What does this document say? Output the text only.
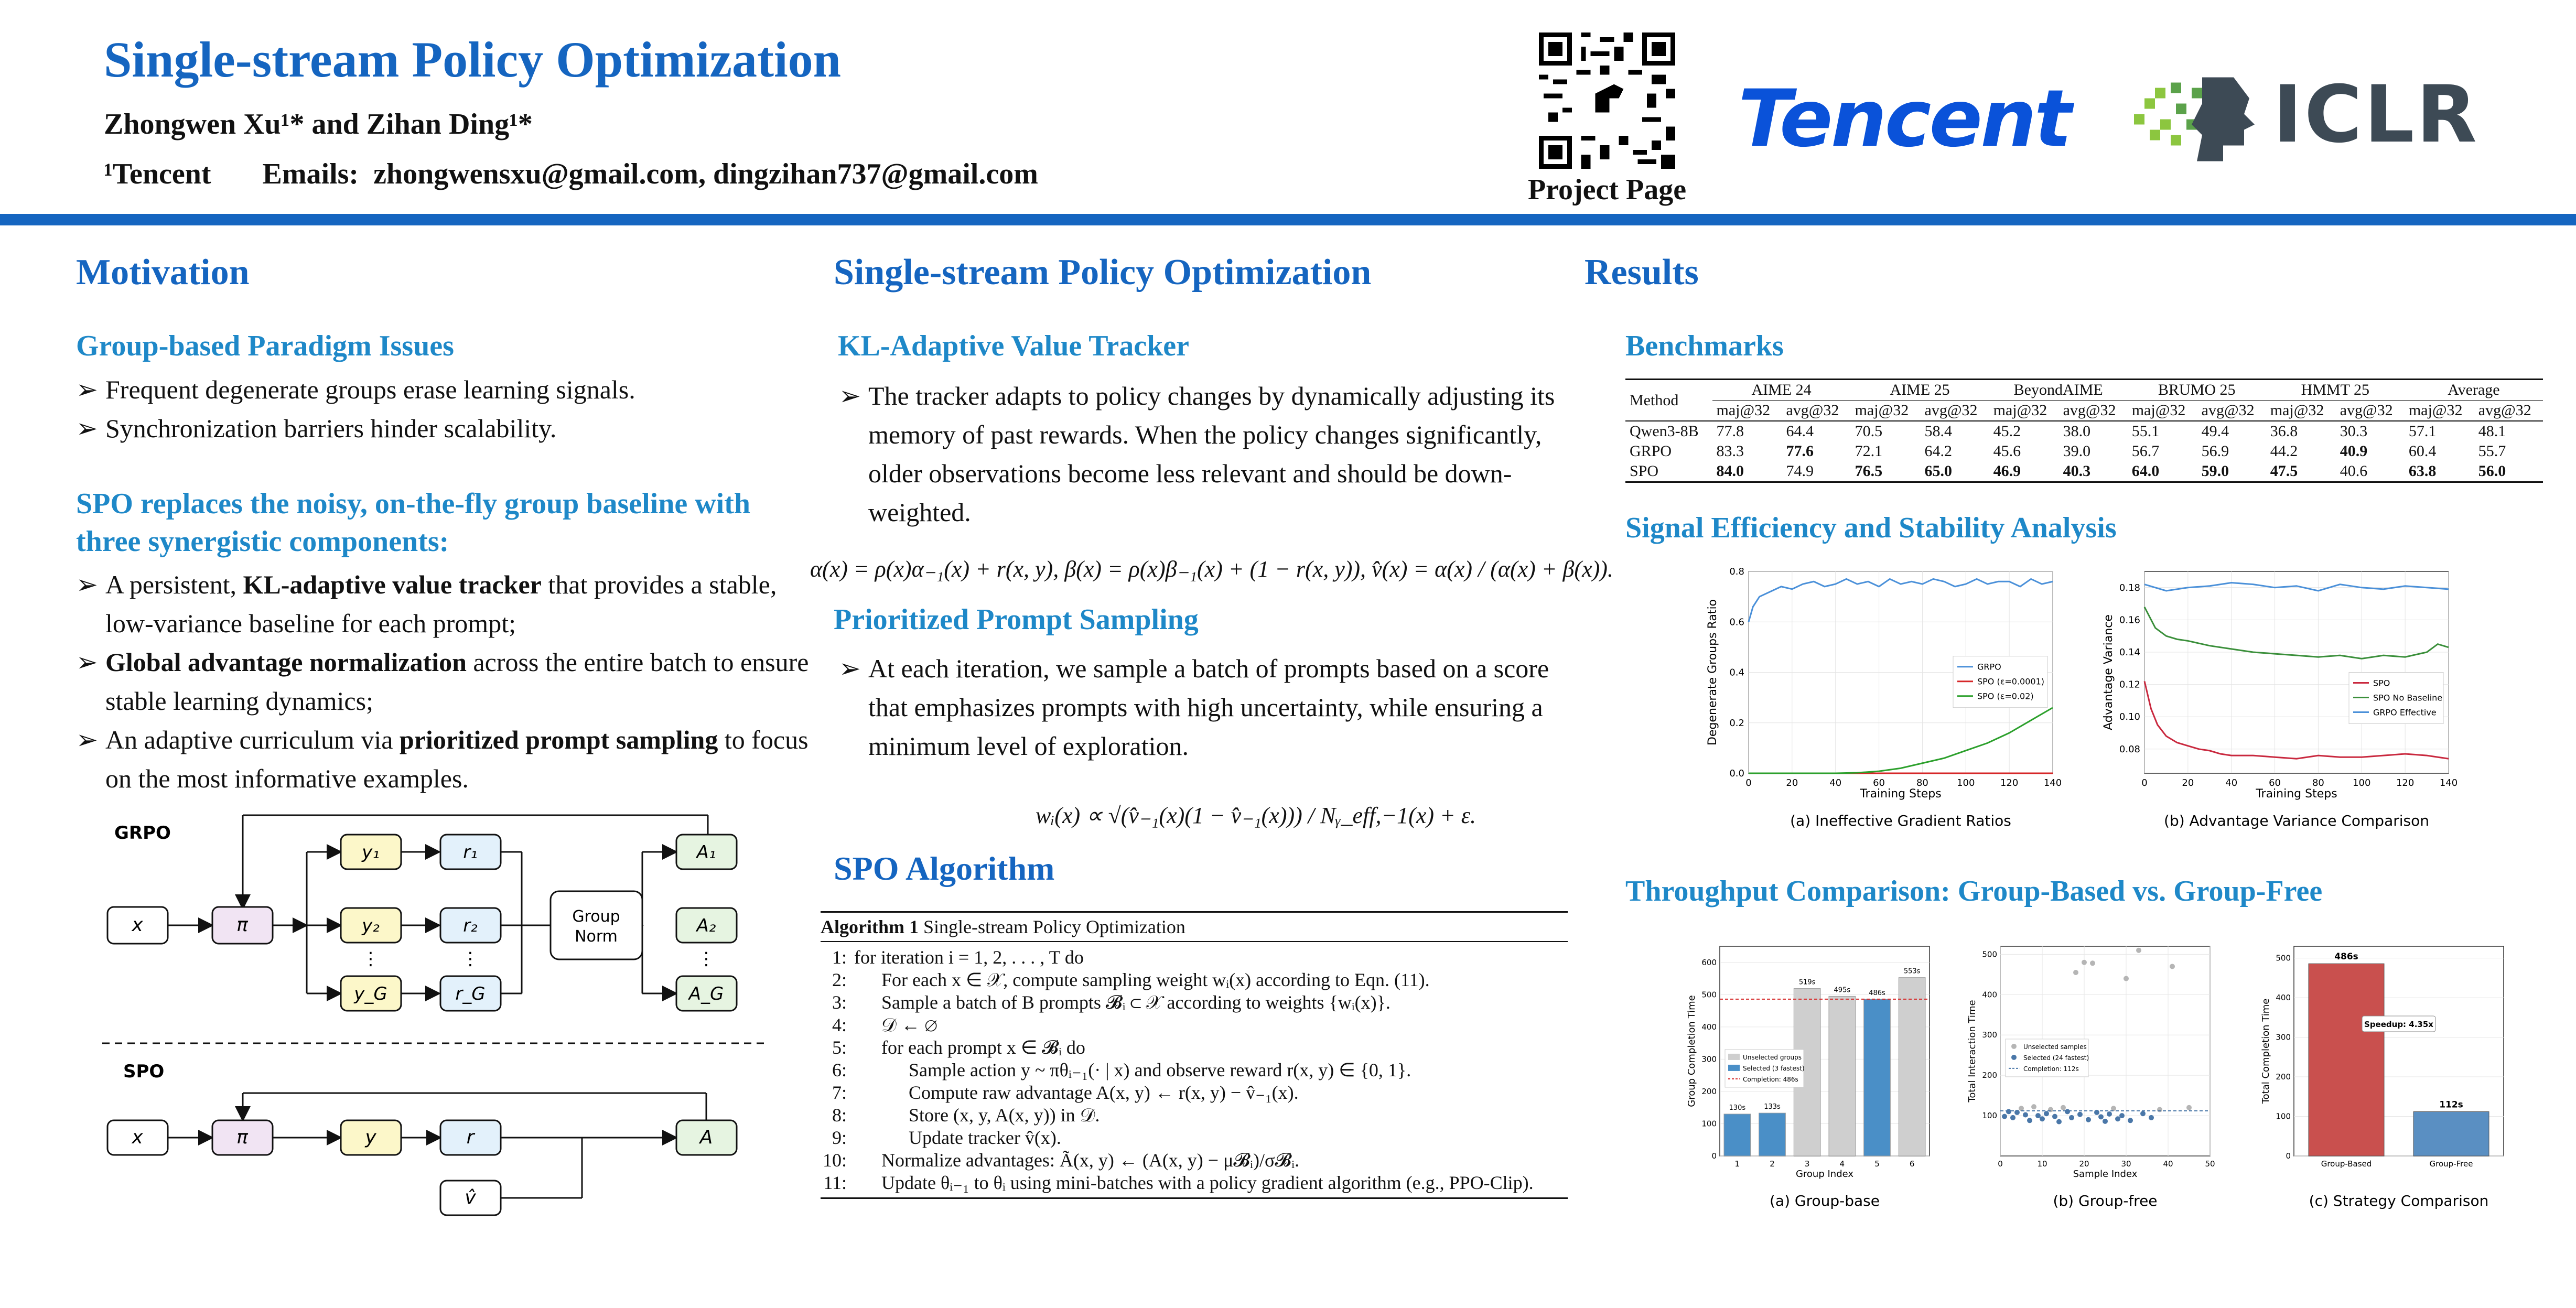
Single-stream Policy Optimization
Zhongwen Xu¹* and Zihan Ding¹*
¹Tencent       Emails:  zhongwensxu@gmail.com, dingzihan737@gmail.com	Project Page
Tencent	ICLR
Motivation
Group-based Paradigm Issues
➢ Frequent degenerate groups erase learning signals.
➢ Synchronization barriers hinder scalability.
SPO replaces the noisy, on-the-fly group baseline with three synergistic components:
➢ A persistent, KL-adaptive value tracker that provides a stable, low-variance baseline for each prompt;
➢ Global advantage normalization across the entire batch to ensure stable learning dynamics;
➢ An adaptive curriculum via prioritized prompt sampling to focus on the most informative examples.
GRPO
x	π
y₁
y₂
y_G
r₁
r₂
r_G
A₁
A₂
A_G
⋮	⋮	⋮
Group
Norm
SPO
x	π	y	r	A
v̂
Single-stream Policy Optimization
KL-Adaptive Value Tracker
➢ The tracker adapts to policy changes by dynamically adjusting its memory of past rewards. When the policy changes significantly, older observations become less relevant and should be down-weighted.
α(x) = ρ(x)α₋₁(x) + r(x, y), β(x) = ρ(x)β₋₁(x) + (1 − r(x, y)), v̂(x) = α(x) / (α(x) + β(x)).
Prioritized Prompt Sampling
➢ At each iteration, we sample a batch of prompts based on a score that emphasizes prompts with high uncertainty, while ensuring a minimum level of exploration.
wᵢ(x) ∝ √(v̂₋₁(x)(1 − v̂₋₁(x))) / Nᵧ_eff,−1(x) + ε.
SPO Algorithm
Algorithm 1 Single-stream Policy Optimization
1: for iteration i = 1, 2, . . . , T do
2:	For each x ∈ 𝒳, compute sampling weight wᵢ(x) according to Eqn. (11).
3:	Sample a batch of B prompts 𝓑ᵢ ⊂ 𝒳 according to weights {wᵢ(x)}.
4:	𝒟 ← ∅
5:	for each prompt x ∈ 𝓑ᵢ do
6:	Sample action y ~ πθᵢ₋₁(· | x) and observe reward r(x, y) ∈ {0, 1}.
7:	Compute raw advantage A(x, y) ← r(x, y) − v̂₋₁(x).
8:	Store (x, y, A(x, y)) in 𝒟.
9:	Update tracker v̂(x).
10:	Normalize advantages: Ã(x, y) ← (A(x, y) − μ𝓑ᵢ)/σ𝓑ᵢ.
11:	Update θᵢ₋₁ to θᵢ using mini-batches with a policy gradient algorithm (e.g., PPO-Clip).
Results
Benchmarks
Method	AIME 24		AIME 25		BeyondAIME		BRUMO 25		HMMT 25		Average	
	maj@32	avg@32	maj@32	avg@32	maj@32	avg@32	maj@32	avg@32	maj@32	avg@32	maj@32	avg@32
Qwen3-8B	77.8	64.4	70.5	58.4	45.2	38.0	55.1	49.4	36.8	30.3	57.1	48.1
GRPO	83.3	77.6	72.1	64.2	45.6	39.0	56.7	56.9	44.2	40.9	60.4	55.7
SPO	84.0	74.9	76.5	65.0	46.9	40.3	64.0	59.0	47.5	40.6	63.8	56.0
Signal Efficiency and Stability Analysis
0	20	40	60	80	100	120	140
0.0
0.2
0.4
0.6
0.8
Training Steps
Degenerate Groups Ratio	GRPO
SPO (ε=0.0001)
SPO (ε=0.02)
(a) Ineffective Gradient Ratios
0	20	40	60	80	100	120	140
0.08
0.10
0.12
0.14
0.16
0.18
Training Steps
Advantage Variance	SPO
SPO No Baseline
GRPO Effective
(b) Advantage Variance Comparison
Throughput Comparison: Group-Based vs. Group-Free
0
100
200
300
400
500
600
130s
1
133s
2
519s
3
495s
4
486s
5
553s
6
Unselected groups
Selected (3 fastest)
Completion: 486s
Group Index
Group Completion Time
(a) Group-base
0	10	20	30	40	50
100
200
300
400
500
Unselected samples
Selected (24 fastest)
Completion: 112s
Sample Index
Total Interaction Time
(b) Group-free
0
100
200
300
400
500	486s
Group-Based
112s
Group-Free
Speedup: 4.35x
Total Completion Time
(c) Strategy Comparison
